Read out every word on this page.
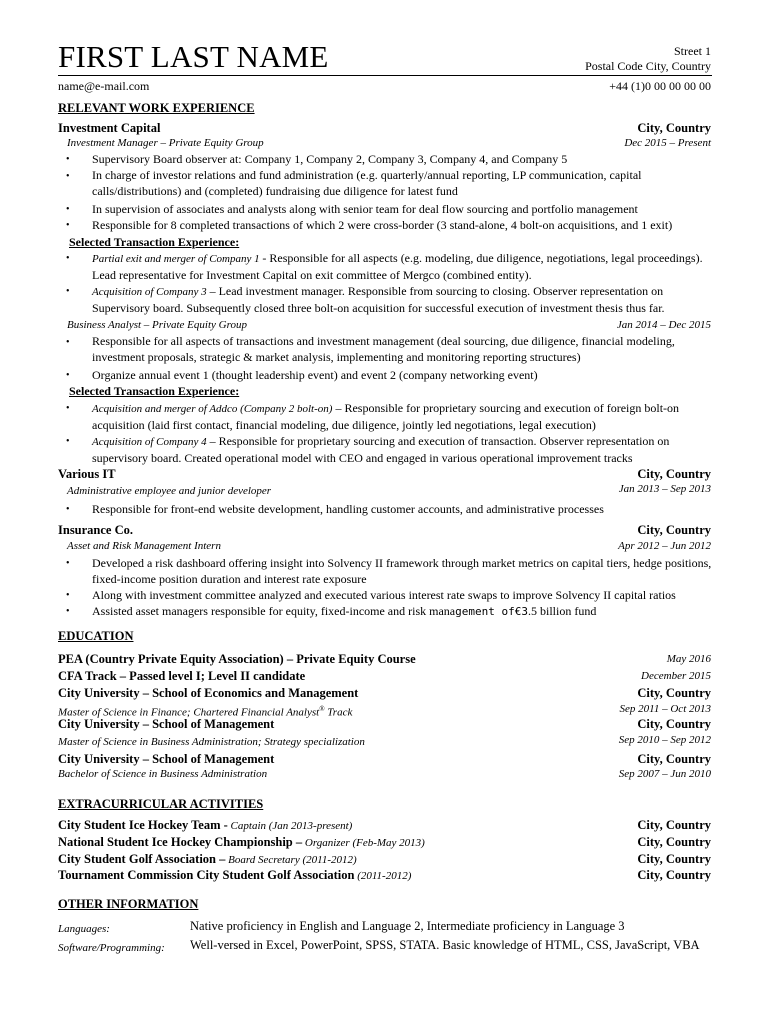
FIRST LAST NAME	Street 1
Postal Code City, Country
name@e-mail.com	+44 (1)0 00 00 00 00
RELEVANT WORK EXPERIENCE
Investment Capital	City, Country
Investment Manager – Private Equity Group	Dec 2015 – Present
• Supervisory Board observer at: Company 1, Company 2, Company 3, Company 4, and Company 5
• In charge of investor relations and fund administration (e.g. quarterly/annual reporting, LP communication, capital calls/distributions) and (completed) fundraising due diligence for latest fund
• In supervision of associates and analysts along with senior team for deal flow sourcing and portfolio management
• Responsible for 8 completed transactions of which 2 were cross-border (3 stand-alone, 4 bolt-on acquisitions, and 1 exit)
Selected Transaction Experience:
• Partial exit and merger of Company 1 - Responsible for all aspects (e.g. modeling, due diligence, negotiations, legal proceedings). Lead representative for Investment Capital on exit committee of Mergco (combined entity).
• Acquisition of Company 3 – Lead investment manager. Responsible from sourcing to closing. Observer representation on Supervisory board. Subsequently closed three bolt-on acquisition for successful execution of investment thesis thus far.
Business Analyst – Private Equity Group	Jan 2014 – Dec 2015
• Responsible for all aspects of transactions and investment management (deal sourcing, due diligence, financial modeling, investment proposals, strategic & market analysis, implementing and monitoring reporting structures)
• Organize annual event 1 (thought leadership event) and event 2 (company networking event)
Selected Transaction Experience:
• Acquisition and merger of Addco (Company 2 bolt-on) – Responsible for proprietary sourcing and execution of foreign bolt-on acquisition (laid first contact, financial modeling, due diligence, jointly led negotiations, legal execution)
• Acquisition of Company 4 – Responsible for proprietary sourcing and execution of transaction. Observer representation on supervisory board. Created operational model with CEO and engaged in various operational improvement tracks
Various IT	City, Country
Administrative employee and junior developer	Jan 2013 – Sep 2013
• Responsible for front-end website development, handling customer accounts, and administrative processes
Insurance Co.	City, Country
Asset and Risk Management Intern	Apr 2012 – Jun 2012
• Developed a risk dashboard offering insight into Solvency II framework through market metrics on capital tiers, hedge positions, fixed-income position duration and interest rate exposure
• Along with investment committee analyzed and executed various interest rate swaps to improve Solvency II capital ratios
• Assisted asset managers responsible for equity, fixed-income and risk management of€3.5 billion fund
EDUCATION
PEA (Country Private Equity Association) – Private Equity Course	May 2016
CFA Track – Passed level I; Level II candidate	December 2015
City University – School of Economics and Management	City, Country
Master of Science in Finance; Chartered Financial Analyst® Track	Sep 2011 – Oct 2013
City University – School of Management	City, Country
Master of Science in Business Administration; Strategy specialization	Sep 2010 – Sep 2012
City University – School of Management	City, Country
Bachelor of Science in Business Administration	Sep 2007 – Jun 2010
EXTRACURRICULAR ACTIVITIES
City Student Ice Hockey Team - Captain (Jan 2013-present)	City, Country
National Student Ice Hockey Championship – Organizer (Feb-May 2013)	City, Country
City Student Golf Association – Board Secretary (2011-2012)	City, Country
Tournament Commission City Student Golf Association (2011-2012)	City, Country
OTHER INFORMATION
Languages:	Native proficiency in English and Language 2, Intermediate proficiency in Language 3
Software/Programming: Well-versed in Excel, PowerPoint, SPSS, STATA. Basic knowledge of HTML, CSS, JavaScript, VBA
